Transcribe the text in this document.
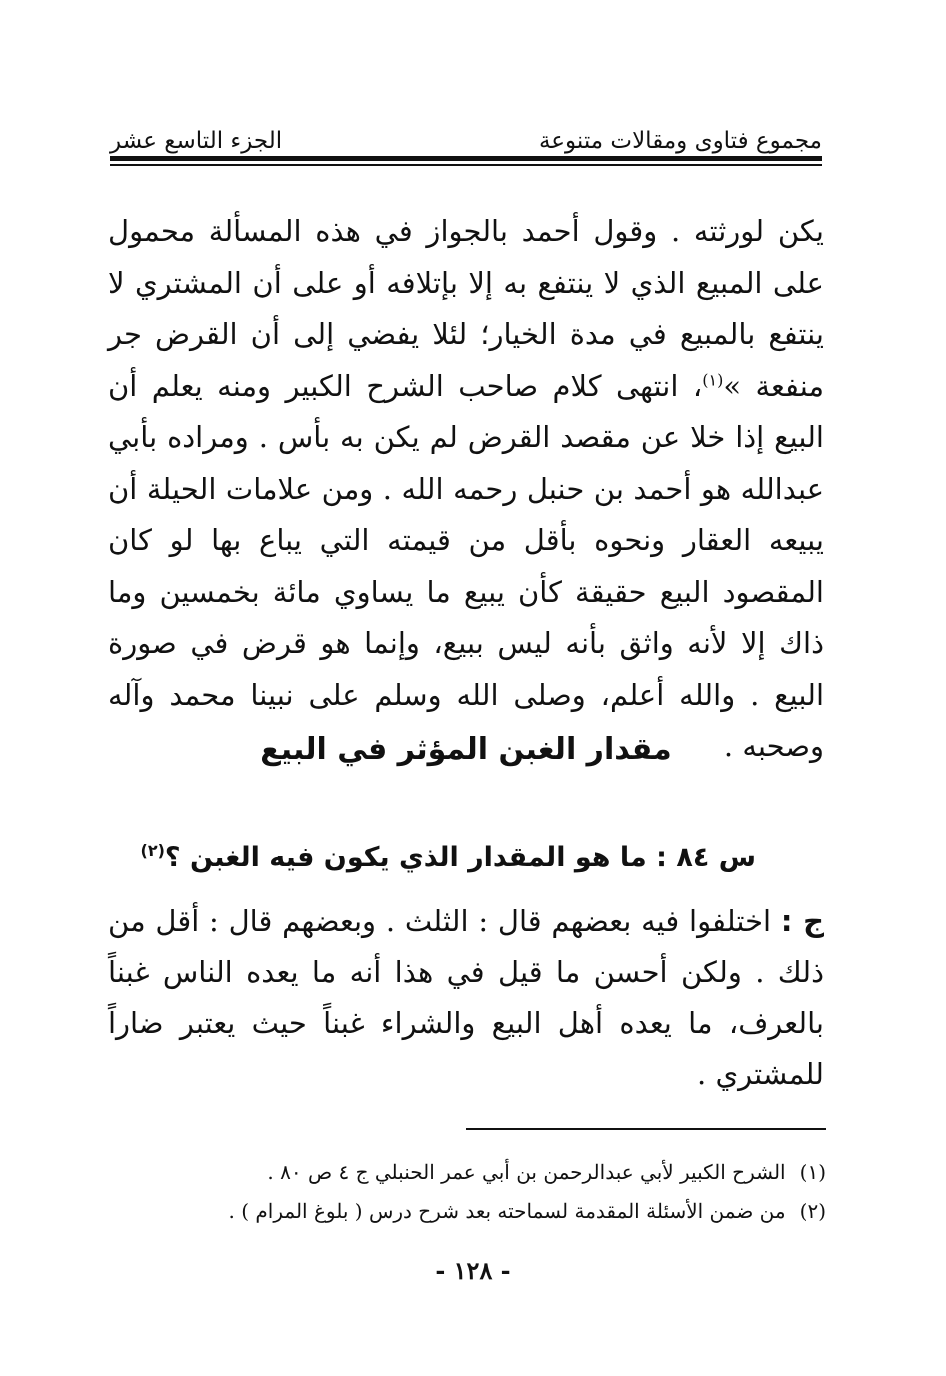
مجموع فتاوى ومقالات متنوعة
الجزء التاسع عشر

يكن لورثته . وقول أحمد بالجواز في هذه المسألة محمول على المبيع الذي لا ينتفع به إلا بإتلافه أو على أن المشتري لا ينتفع بالمبيع في مدة الخيار؛ لئلا يفضي إلى أن القرض جر منفعة »$^{(١)}$، انتهى كلام صاحب الشرح الكبير ومنه يعلم أن البيع إذا خلا عن مقصد القرض لم يكن به بأس . ومراده بأبي عبدالله هو أحمد بن حنبل رحمه الله . ومن علامات الحيلة أن يبيعه العقار ونحوه بأقل من قيمته التي يباع بها لو كان المقصود البيع حقيقة كأن يبيع ما يساوي مائة بخمسين وما ذاك إلا لأنه واثق بأنه ليس ببيع، وإنما هو قرض في صورة البيع . والله أعلم، وصلى الله وسلم على نبينا محمد وآله وصحبه .

مقدار الغبن المؤثر في البيع
س ٨٤ : ما هو المقدار الذي يكون فيه الغبن ؟$^{(٢)}$

ج : اختلفوا فيه بعضهم قال : الثلث . وبعضهم قال : أقل من ذلك . ولكن أحسن ما قيل في هذا أنه ما يعده الناس غبناً بالعرف، ما يعده أهل البيع والشراء غبناً حيث يعتبر ضاراً للمشتري .

(١)الشرح الكبير لأبي عبدالرحمن بن أبي عمر الحنبلي ج ٤ ص ٨٠ .
(٢)من ضمن الأسئلة المقدمة لسماحته بعد شرح درس ( بلوغ المرام ) .
- ١٢٨ -
